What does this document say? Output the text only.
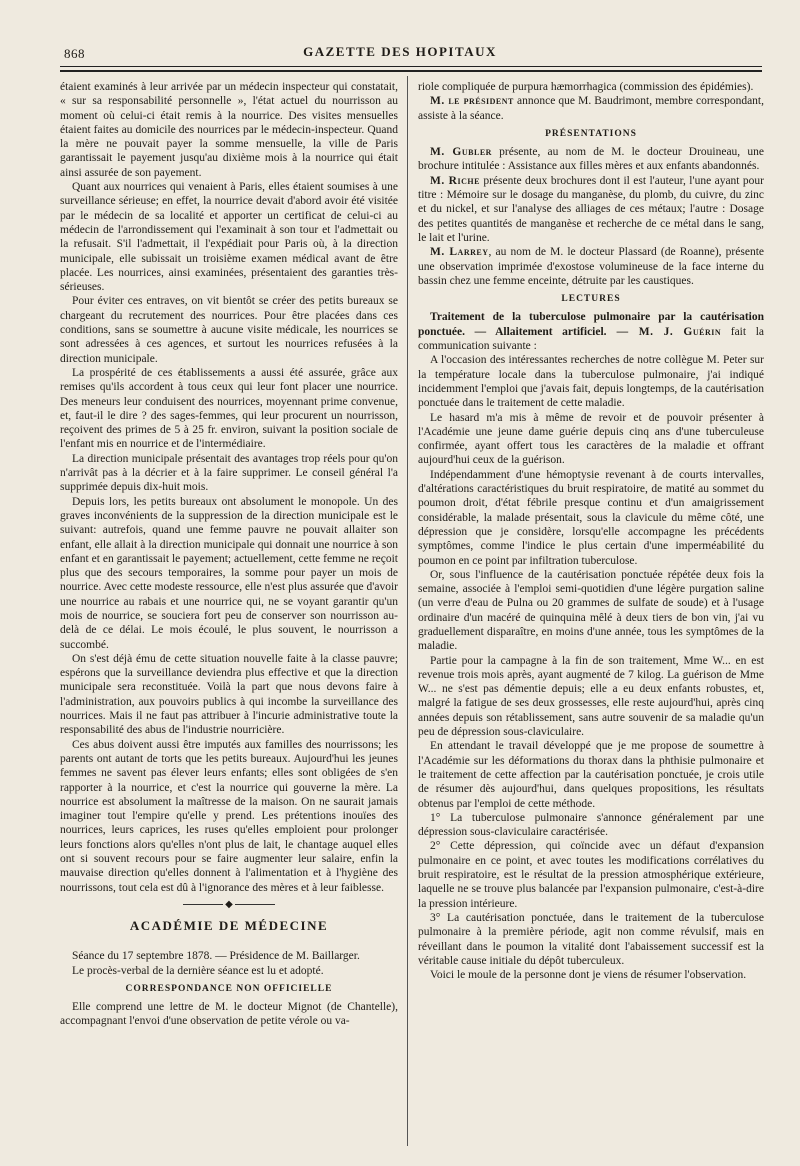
868	GAZETTE DES HOPITAUX

étaient examinés à leur arrivée par un médecin inspecteur qui constatait, « sur sa responsabilité personnelle », l'état actuel du nourrisson au moment où celui-ci était remis à la nourrice. Des visites mensuelles étaient faites au domicile des nourrices par le médecin-inspecteur. Quand la mère ne pouvait payer la somme mensuelle, la ville de Paris garantissait le payement jusqu'au dixième mois à la nourrice qui était ainsi assurée de son payement.

Quant aux nourrices qui venaient à Paris, elles étaient soumises à une surveillance sérieuse; en effet, la nourrice devait d'abord avoir été visitée par le médecin de sa localité et apporter un certificat de celui-ci au médecin de l'arrondissement qui l'examinait à son tour et l'admettait ou la refusait. S'il l'admettait, il l'expédiait pour Paris où, à la direction municipale, elle subissait un troisième examen médical avant de être placée. Les nourrices, ainsi examinées, présentaient des garanties très-sérieuses.

Pour éviter ces entraves, on vit bientôt se créer des petits bureaux se chargeant du recrutement des nourrices. Pour être placées dans ces conditions, sans se soumettre à aucune visite médicale, les nourrices se sont adressées à ces agences, et surtout les nourrices refusées à la direction municipale.

La prospérité de ces établissements a aussi été assurée, grâce aux remises qu'ils accordent à tous ceux qui leur font placer une nourrice. Des meneurs leur conduisent des nourrices, moyennant prime convenue, et, faut-il le dire ? des sages-femmes, qui leur procurent un nourrisson, reçoivent des primes de 5 à 25 fr. environ, suivant la position sociale de l'enfant mis en nourrice et de l'intermédiaire.

La direction municipale présentait des avantages trop réels pour qu'on n'arrivât pas à la décrier et à la faire supprimer. Le conseil général l'a supprimée depuis dix-huit mois.

Depuis lors, les petits bureaux ont absolument le monopole. Un des graves inconvénients de la suppression de la direction municipale est le suivant: autrefois, quand une femme pauvre ne pouvait allaiter son enfant, elle allait à la direction municipale qui donnait une nourrice à son enfant et en garantissait le payement; actuellement, cette femme ne reçoit plus que des secours temporaires, la somme pour payer un mois de nourrice. Avec cette modeste ressource, elle n'est plus assurée que d'avoir une nourrice au rabais et une nourrice qui, ne se voyant garantir qu'un mois de nourrice, se souciera fort peu de conserver son nourrisson au-delà de ce délai. Le mois écoulé, le plus souvent, le nourrisson a succombé.

On s'est déjà ému de cette situation nouvelle faite à la classe pauvre; espérons que la surveillance deviendra plus effective et que la direction municipale sera reconstituée. Voilà la part que nous devons faire à l'administration, aux pouvoirs publics à qui incombe la surveillance des nourrices. Mais il ne faut pas attribuer à l'incurie administrative toute la responsabilité des abus de l'industrie nourricière.

Ces abus doivent aussi être imputés aux familles des nourrissons; les parents ont autant de torts que les petits bureaux. Aujourd'hui les jeunes femmes ne savent pas élever leurs enfants; elles sont obligées de s'en rapporter à la nourrice, et c'est la nourrice qui gouverne la mère. La nourrice est absolument la maîtresse de la maison. On ne saurait jamais imaginer tout l'empire qu'elle y prend. Les prétentions inouïes des nourrices, leurs caprices, les ruses qu'elles emploient pour prolonger leurs fonctions alors qu'elles n'ont plus de lait, le chantage auquel elles ont si souvent recours pour se faire augmenter leur salaire, enfin la mauvaise direction qu'elles donnent à l'alimentation et à l'hygiène des nourrissons, tout cela est dû à l'ignorance des mères et à leur faiblesse.

◆
ACADÉMIE DE MÉDECINE

Séance du 17 septembre 1878. — Présidence de M. Baillarger.

Le procès-verbal de la dernière séance est lu et adopté.

CORRESPONDANCE NON OFFICIELLE

Elle comprend une lettre de M. le docteur Mignot (de Chantelle), accompagnant l'envoi d'une observation de petite vérole ou va-

riole compliquée de purpura hæmorrhagica (commission des épidémies).

M. le président annonce que M. Baudrimont, membre correspondant, assiste à la séance.

PRÉSENTATIONS

M. Gubler présente, au nom de M. le docteur Drouineau, une brochure intitulée : Assistance aux filles mères et aux enfants abandonnés.

M. Riche présente deux brochures dont il est l'auteur, l'une ayant pour titre : Mémoire sur le dosage du manganèse, du plomb, du cuivre, du zinc et du nickel, et sur l'analyse des alliages de ces métaux; l'autre : Dosage des petites quantités de manganèse et recherche de ce métal dans le sang, le lait et l'urine.

M. Larrey, au nom de M. le docteur Plassard (de Roanne), présente une observation imprimée d'exostose volumineuse de la face interne du bassin chez une femme enceinte, détruite par les caustiques.

LECTURES

Traitement de la tuberculose pulmonaire par la cautérisation ponctuée. — Allaitement artificiel. — M. J. Guérin fait la communication suivante :

A l'occasion des intéressantes recherches de notre collègue M. Peter sur la température locale dans la tuberculose pulmonaire, j'ai indiqué incidemment l'emploi que j'avais fait, depuis longtemps, de la cautérisation ponctuée dans le traitement de cette maladie.

Le hasard m'a mis à même de revoir et de pouvoir présenter à l'Académie une jeune dame guérie depuis cinq ans d'une tuberculeuse confirmée, ayant offert tous les caractères de la maladie et offrant aujourd'hui ceux de la guérison.

Indépendamment d'une hémoptysie revenant à de courts intervalles, d'altérations caractéristiques du bruit respiratoire, de matité au sommet du poumon droit, d'état fébrile presque continu et d'un amaigrissement considérable, la malade présentait, sous la clavicule du même côté, une dépression que je considère, lorsqu'elle accompagne les précédents symptômes, comme l'indice le plus certain d'une imperméabilité du poumon en ce point par infiltration tuberculose.

Or, sous l'influence de la cautérisation ponctuée répétée deux fois la semaine, associée à l'emploi semi-quotidien d'une légère purgation saline (un verre d'eau de Pulna ou 20 grammes de sulfate de soude) et à l'usage ordinaire d'un macéré de quinquina mêlé à deux tiers de bon vin, j'ai vu graduellement disparaître, en moins d'une année, tous les symptômes de la maladie.

Partie pour la campagne à la fin de son traitement, Mme W... en est revenue trois mois après, ayant augmenté de 7 kilog. La guérison de Mme W... ne s'est pas démentie depuis; elle a eu deux enfants robustes, et, malgré la fatigue de ses deux grossesses, elle reste aujourd'hui, après cinq années depuis son rétablissement, sans autre souvenir de sa maladie qu'un peu de dépression sous-claviculaire.

En attendant le travail développé que je me propose de soumettre à l'Académie sur les déformations du thorax dans la phthisie pulmonaire et le traitement de cette affection par la cautérisation ponctuée, je crois utile de résumer dès aujourd'hui, dans quelques propositions, les résultats obtenus par l'emploi de cette méthode.

1° La tuberculose pulmonaire s'annonce généralement par une dépression sous-claviculaire caractérisée.

2° Cette dépression, qui coïncide avec un défaut d'expansion pulmonaire en ce point, et avec toutes les modifications corrélatives du bruit respiratoire, est le résultat de la pression atmosphérique extérieure, laquelle ne se trouve plus balancée par l'expansion pulmonaire, c'est-à-dire la pression intérieure.

3° La cautérisation ponctuée, dans le traitement de la tuberculose pulmonaire à la première période, agit non comme révulsif, mais en réveillant dans le poumon la vitalité dont l'abaissement successif est la véritable cause initiale du dépôt tuberculeux.

Voici le moule de la personne dont je viens de résumer l'observation.
